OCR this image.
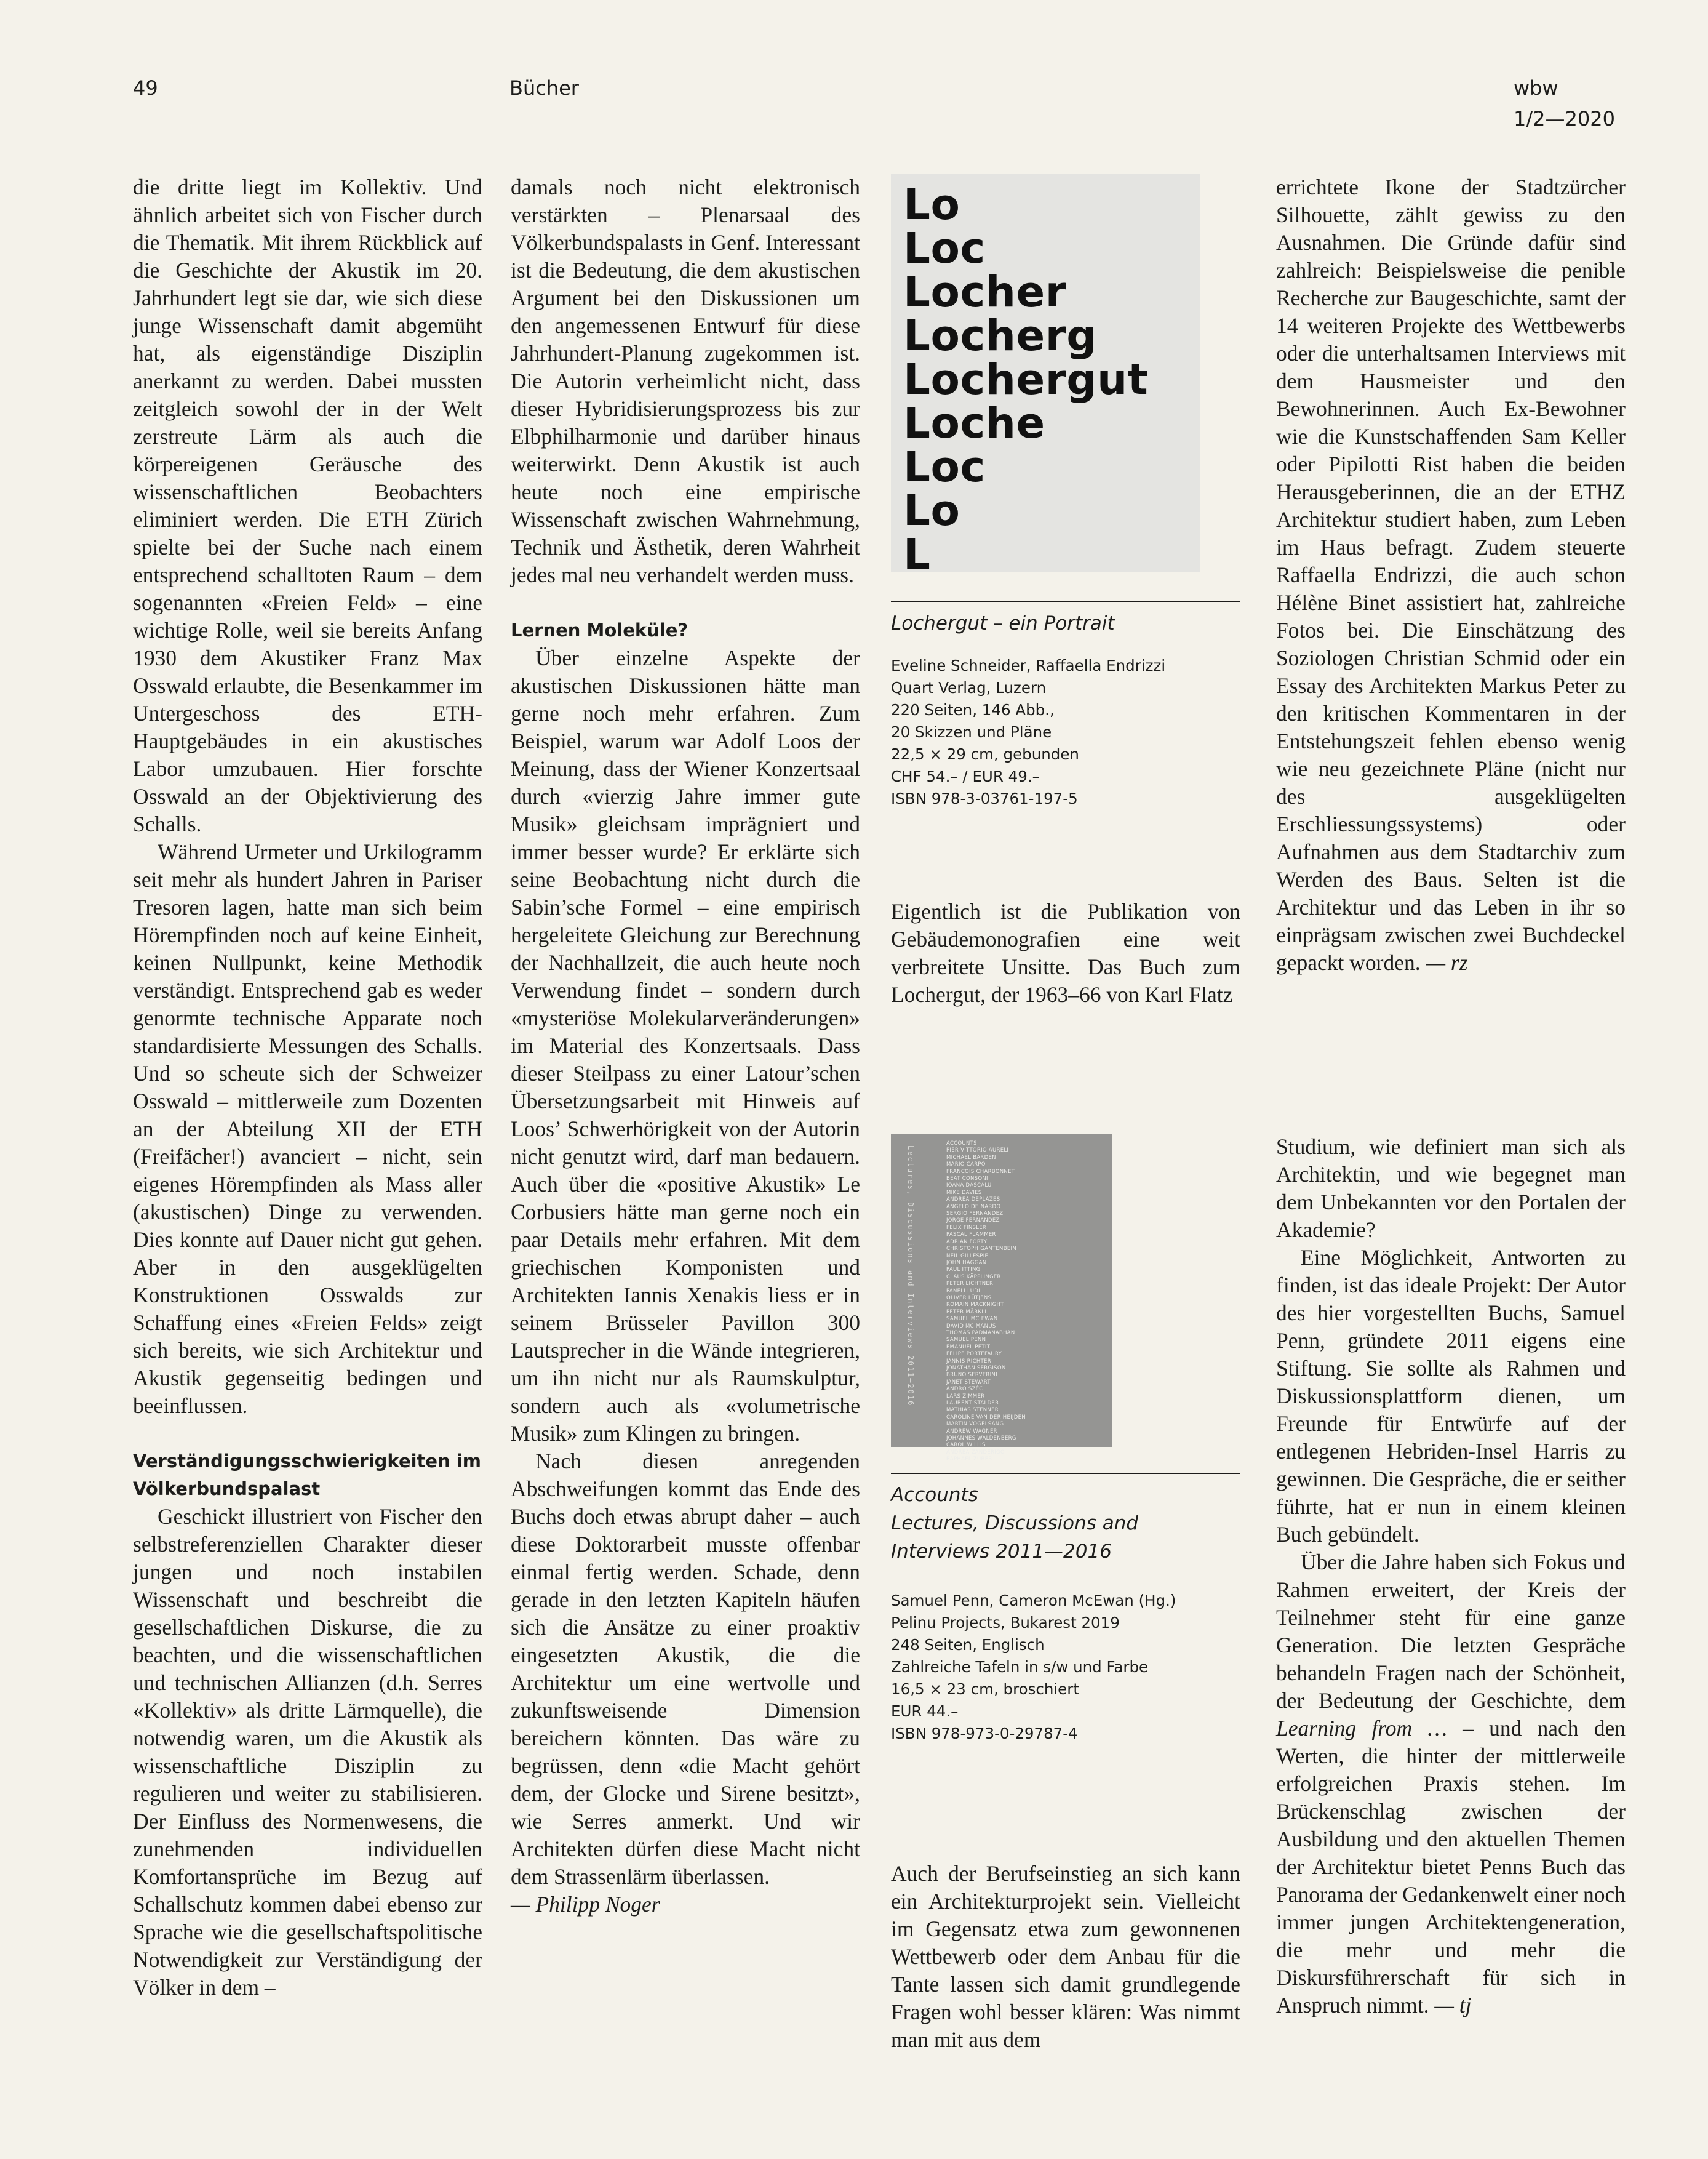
49	Bücher	wbw
1/2—2020

die dritte liegt im Kollektiv. Und ähnlich arbeitet sich von Fischer durch die Thematik. Mit ihrem Rückblick auf die Geschichte der Akustik im 20. Jahrhundert legt sie dar, wie sich diese junge Wissenschaft damit abgemüht hat, als eigenständige Disziplin anerkannt zu werden. Dabei mussten zeitgleich sowohl der in der Welt zerstreute Lärm als auch die körpereigenen Geräusche des wissenschaftlichen Beobachters eliminiert werden. Die ETH Zürich spielte bei der Suche nach einem entsprechend schalltoten Raum – dem sogenannten «Freien Feld» – eine wichtige Rolle, weil sie bereits Anfang 1930 dem Akustiker Franz Max Osswald erlaubte, die Besenkammer im Untergeschoss des ETH-Hauptgebäudes in ein akustisches Labor umzubauen. Hier forschte Osswald an der Objektivierung des Schalls.

Während Urmeter und Urkilogramm seit mehr als hundert Jahren in Pariser Tresoren lagen, hatte man sich beim Hörempfinden noch auf keine Einheit, keinen Nullpunkt, keine Methodik verständigt. Entsprechend gab es weder genormte technische Apparate noch standardisierte Messungen des Schalls. Und so scheute sich der Schweizer Osswald – mittlerweile zum Dozenten an der Abteilung XII der ETH (Freifächer!) avanciert – nicht, sein eigenes Hörempfinden als Mass aller (akustischen) Dinge zu verwenden. Dies konnte auf Dauer nicht gut gehen. Aber in den ausgeklügelten Konstruktionen Osswalds zur Schaffung eines «Freien Felds» zeigt sich bereits, wie sich Architektur und Akustik gegenseitig bedingen und beeinflussen.

Verständigungsschwierigkeiten im Völkerbundspalast

Geschickt illustriert von Fischer den selbstreferenziellen Charakter dieser jungen und noch instabilen Wissenschaft und beschreibt die gesellschaftlichen Diskurse, die zu beachten, und die wissenschaftlichen und technischen Allianzen (d.h. Serres «Kollektiv» als dritte Lärmquelle), die notwendig waren, um die Akustik als wissenschaftliche Disziplin zu regulieren und weiter zu stabilisieren. Der Einfluss des Normenwesens, die zunehmenden individuellen Komfortansprüche im Bezug auf Schallschutz kommen dabei ebenso zur Sprache wie die gesellschaftspolitische Notwendigkeit zur Verständigung der Völker in dem –

damals noch nicht elektronisch verstärkten – Plenarsaal des Völkerbundspalasts in Genf. Interessant ist die Bedeutung, die dem akustischen Argument bei den Diskussionen um den angemessenen Entwurf für diese Jahrhundert-Planung zugekommen ist. Die Autorin verheimlicht nicht, dass dieser Hybridisierungsprozess bis zur Elbphilharmonie und darüber hinaus weiterwirkt. Denn Akustik ist auch heute noch eine empirische Wissenschaft zwischen Wahrnehmung, Technik und Ästhetik, deren Wahrheit jedes mal neu verhandelt werden muss.

Lernen Moleküle?

Über einzelne Aspekte der akustischen Diskussionen hätte man gerne noch mehr erfahren. Zum Beispiel, warum war Adolf Loos der Meinung, dass der Wiener Konzertsaal durch «vierzig Jahre immer gute Musik» gleichsam imprägniert und immer besser wurde? Er erklärte sich seine Beobachtung nicht durch die Sabin’sche Formel – eine empirisch hergeleitete Gleichung zur Berechnung der Nachhallzeit, die auch heute noch Verwendung findet – sondern durch «mysteriöse Molekularveränderungen» im Material des Konzertsaals. Dass dieser Steilpass zu einer Latour’schen Übersetzungsarbeit mit Hinweis auf Loos’ Schwerhörigkeit von der Autorin nicht genutzt wird, darf man bedauern. Auch über die «positive Akustik» Le Corbusiers hätte man gerne noch ein paar Details mehr erfahren. Mit dem griechischen Komponisten und Architekten Iannis Xenakis liess er in seinem Brüsseler Pavillon 300 Lautsprecher in die Wände integrieren, um ihn nicht nur als Raumskulptur, sondern auch als «volumetrische Musik» zum Klingen zu bringen.

Nach diesen anregenden Abschweifungen kommt das Ende des Buchs doch etwas abrupt daher – auch diese Doktorarbeit musste offenbar einmal fertig werden. Schade, denn gerade in den letzten Kapiteln häufen sich die Ansätze zu einer proaktiv eingesetzten Akustik, die die Architektur um eine wertvolle und zukunftsweisende Dimension bereichern könnten. Das wäre zu begrüssen, denn «die Macht gehört dem, der Glocke und Sirene besitzt», wie Serres anmerkt. Und wir Architekten dürfen diese Macht nicht dem Strassenlärm überlassen.

— Philipp Noger

Lo
Loc
Locher
Locherg
Lochergut
Loche
Loc
Lo
L
Lochergut – ein Portrait
Eveline Schneider, Raffaella Endrizzi
Quart Verlag, Luzern
220 Seiten, 146 Abb.,
20 Skizzen und Pläne
22,5 × 29 cm, gebunden
CHF 54.– / EUR 49.–
ISBN 978-3-03761-197-5

Eigentlich ist die Publikation von Gebäudemonografien eine weit verbreitete Unsitte. Das Buch zum Lochergut, der 1963–66 von Karl Flatz

Lectures, Discussions and Interviews 2011–2016
ACCOUNTS
PIER VITTORIO AURELI
MICHAEL BARDEN
MARIO CARPO
FRANCOIS CHARBONNET
BEAT CONSONI
IOANA DASCALU
MIKE DAVIES
ANDREA DEPLAZES
ANGELO DE NARDO
SERGIO FERNANDEZ
JORGE FERNANDEZ
FELIX FINSLER
PASCAL FLAMMER
ADRIAN FORTY
CHRISTOPH GANTENBEIN
NEIL GILLESPIE
JOHN HAGGAN
PAUL ITTING
CLAUS KÄPPLINGER
PETER LICHTNER
PANELI LUDI
OLIVER LÜTJENS
ROMAIN MACKNIGHT
PETER MÄRKLI
SAMUEL MC EWAN
DAVID MC MANUS
THOMAS PADMANABHAN
SAMUEL PENN
EMANUEL PETIT
FELIPE PORTEFAURY
JANNIS RICHTER
JONATHAN SERGISON
BRUNO SERVERINI
JANET STEWART
ANDRO SZÉC
LARS ZIMMER
LAURENT STALDER
MATHIAS STENNER
CAROLINE VAN DER HEIJDEN
MARTIN VOGELSANG
ANDREW WAGNER
JOHANNES WALDENBERG
CAROL WILLIS
ANDREA ZANDERIGO
RAPHAEL ZUBER
Accounts
Lectures, Discussions and
Interviews 2011—2016
Samuel Penn, Cameron McEwan (Hg.)
Pelinu Projects, Bukarest 2019
248 Seiten, Englisch
Zahlreiche Tafeln in s/w und Farbe
16,5 × 23 cm, broschiert
EUR 44.–
ISBN 978-973-0-29787-4

Auch der Berufseinstieg an sich kann ein Architekturprojekt sein. Vielleicht im Gegensatz etwa zum gewonnenen Wettbewerb oder dem Anbau für die Tante lassen sich damit grundlegende Fragen wohl besser klären: Was nimmt man mit aus dem

errichtete Ikone der Stadtzürcher Silhouette, zählt gewiss zu den Ausnahmen. Die Gründe dafür sind zahlreich: Beispielsweise die penible Recherche zur Baugeschichte, samt der 14 weiteren Projekte des Wettbewerbs oder die unterhaltsamen Interviews mit dem Hausmeister und den Bewohnerinnen. Auch Ex-Bewohner wie die Kunstschaffenden Sam Keller oder Pipilotti Rist haben die beiden Herausgeberinnen, die an der ETHZ Architektur studiert haben, zum Leben im Haus befragt. Zudem steuerte Raffaella Endrizzi, die auch schon Hélène Binet assistiert hat, zahlreiche Fotos bei. Die Einschätzung des Soziologen Christian Schmid oder ein Essay des Architekten Markus Peter zu den kritischen Kommentaren in der Entstehungszeit fehlen ebenso wenig wie neu gezeichnete Pläne (nicht nur des ausgeklügelten Erschliessungssystems) oder Aufnahmen aus dem Stadtarchiv zum Werden des Baus. Selten ist die Architektur und das Leben in ihr so einprägsam zwischen zwei Buchdeckel gepackt worden. — rz

Studium, wie definiert man sich als Architektin, und wie begegnet man dem Unbekannten vor den Portalen der Akademie?

Eine Möglichkeit, Antworten zu finden, ist das ideale Projekt: Der Autor des hier vorgestellten Buchs, Samuel Penn, gründete 2011 eigens eine Stiftung. Sie sollte als Rahmen und Diskussionsplattform dienen, um Freunde für Entwürfe auf der entlegenen Hebriden-Insel Harris zu gewinnen. Die Gespräche, die er seither führte, hat er nun in einem kleinen Buch gebündelt.

Über die Jahre haben sich Fokus und Rahmen erweitert, der Kreis der Teilnehmer steht für eine ganze Generation. Die letzten Gespräche behandeln Fragen nach der Schönheit, der Bedeutung der Geschichte, dem Learning from … – und nach den Werten, die hinter der mittlerweile erfolgreichen Praxis stehen. Im Brückenschlag zwischen der Ausbildung und den aktuellen Themen der Architektur bietet Penns Buch das Panorama der Gedankenwelt einer noch immer jungen Architektengeneration, die mehr und mehr die Diskursführerschaft für sich in Anspruch nimmt. — tj
